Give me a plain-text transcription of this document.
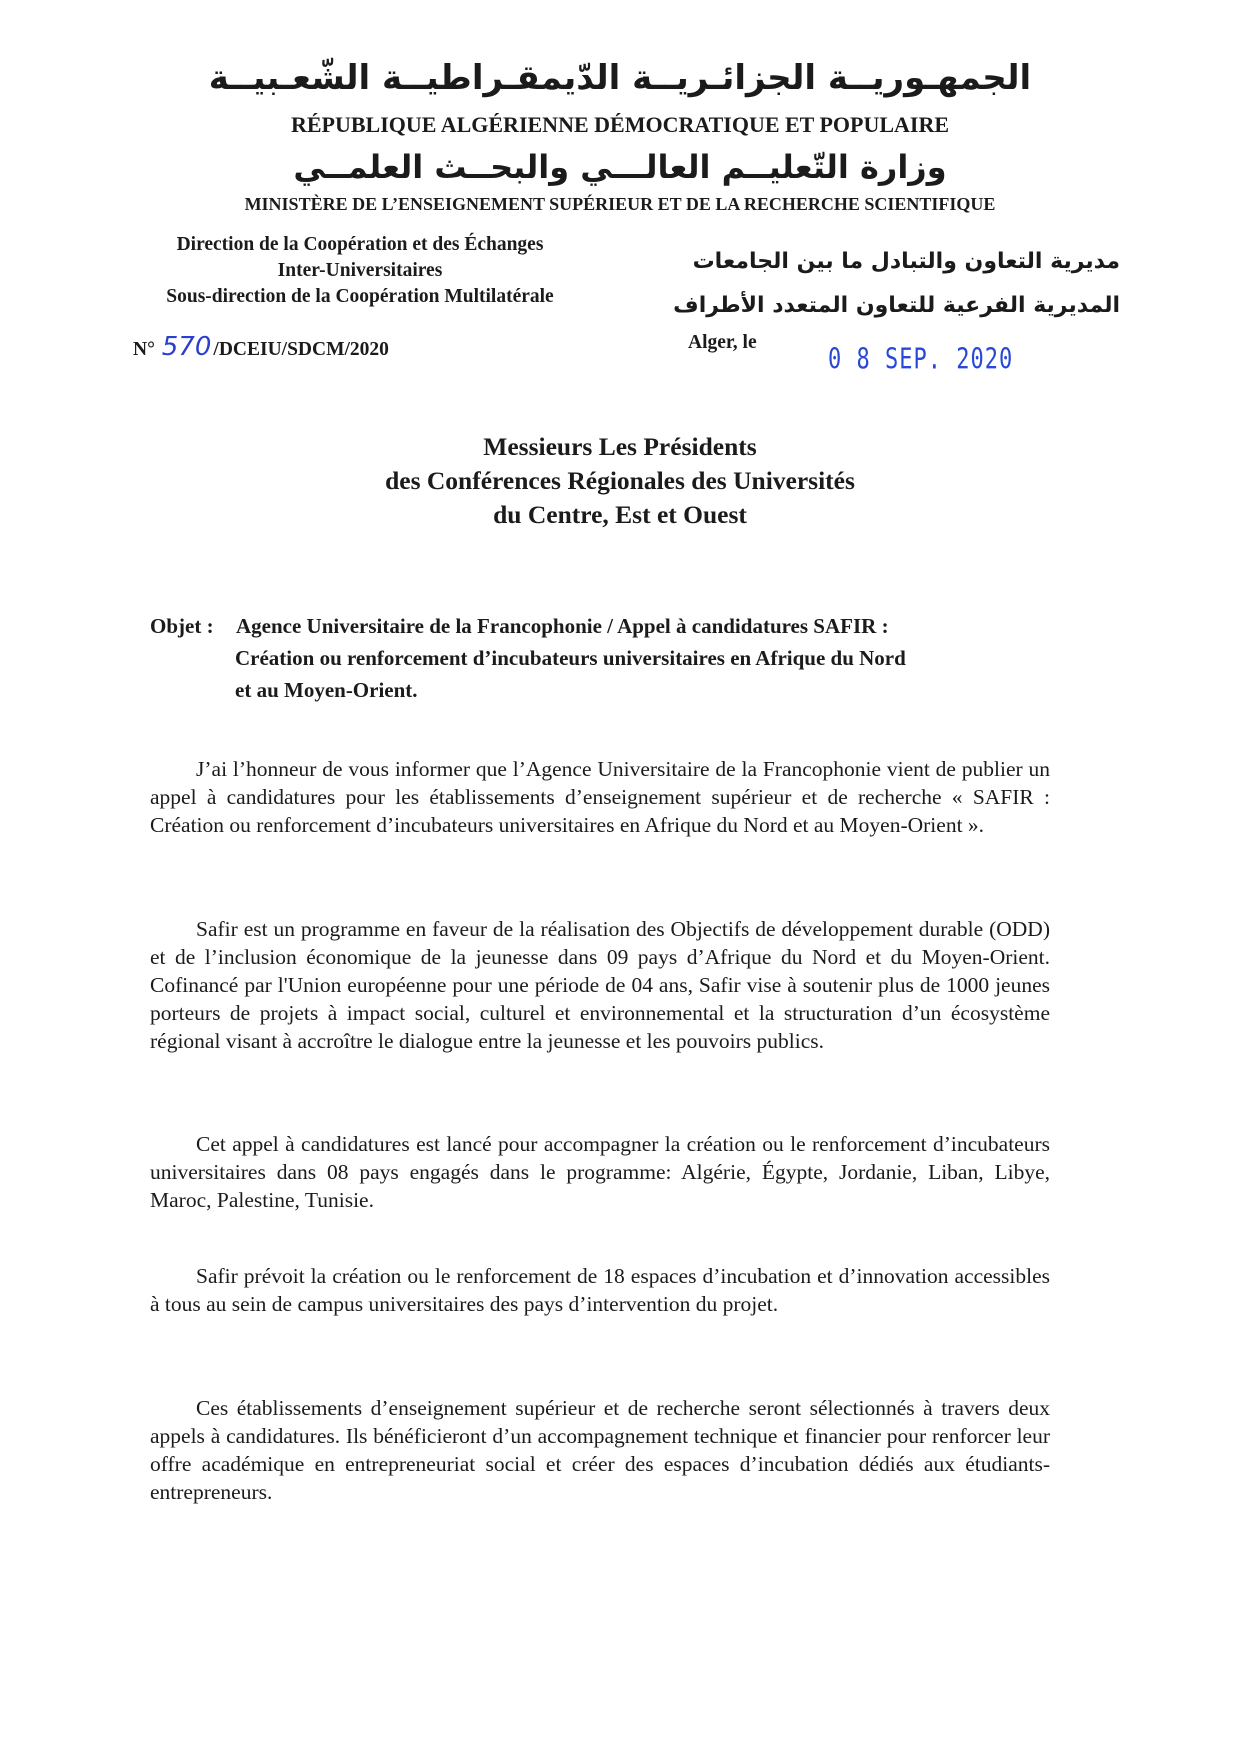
الجمهـوريــة الجزائـريــة الدّيمقـراطيــة الشّعـبيــة
RÉPUBLIQUE ALGÉRIENNE DÉMOCRATIQUE ET POPULAIRE
وزارة التّعليــم العالـــي والبحــث العلمــي
MINISTÈRE DE L’ENSEIGNEMENT SUPÉRIEUR ET DE LA RECHERCHE SCIENTIFIQUE
Direction de la Coopération et des Échanges
Inter-Universitaires
Sous-direction de la Coopération Multilatérale
مديرية التعاون والتبادل ما بين الجامعات
المديرية الفرعية للتعاون المتعدد الأطراف
N° 570 /DCEIU/SDCM/2020	Alger, le
0 8 SEP. 2020
Messieurs Les Présidents
des Conférences Régionales des Universités
du Centre, Est et Ouest
Objet : Agence Universitaire de la Francophonie / Appel à candidatures SAFIR :
Création ou renforcement d’incubateurs universitaires en Afrique du Nord
et au Moyen-Orient.

J’ai l’honneur de vous informer que l’Agence Universitaire de la Francophonie vient de publier un appel à candidatures pour les établissements d’enseignement supérieur et de recherche « SAFIR : Création ou renforcement d’incubateurs universitaires en Afrique du Nord et au Moyen-Orient ».

Safir est un programme en faveur de la réalisation des Objectifs de développement durable (ODD) et de l’inclusion économique de la jeunesse dans 09 pays d’Afrique du Nord et du Moyen-Orient. Cofinancé par l'Union européenne pour une période de 04 ans, Safir vise à soutenir plus de 1000 jeunes porteurs de projets à impact social, culturel et environnemental et la structuration d’un écosystème régional visant à accroître le dialogue entre la jeunesse et les pouvoirs publics.

Cet appel à candidatures est lancé pour accompagner la création ou le renforcement d’incubateurs universitaires dans 08 pays engagés dans le programme: Algérie, Égypte, Jordanie, Liban, Libye, Maroc, Palestine, Tunisie.

Safir prévoit la création ou le renforcement de 18 espaces d’incubation et d’innovation accessibles à tous au sein de campus universitaires des pays d’intervention du projet.

Ces établissements d’enseignement supérieur et de recherche seront sélectionnés à travers deux appels à candidatures. Ils bénéficieront d’un accompagnement technique et financier pour renforcer leur offre académique en entrepreneuriat social et créer des espaces d’incubation dédiés aux étudiants-entrepreneurs.
